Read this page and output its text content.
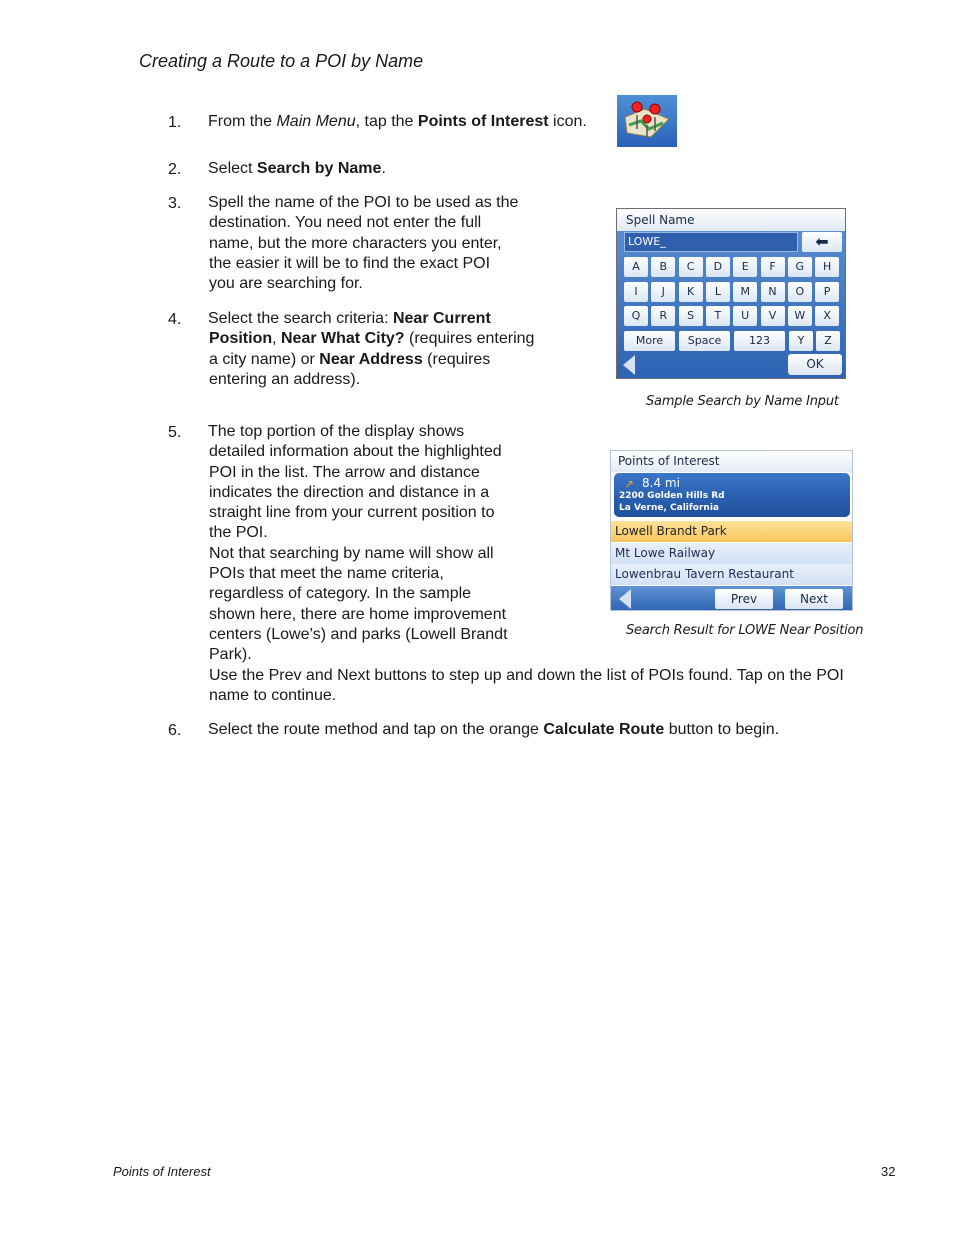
Creating a Route to a POI by Name
1. From the Main Menu, tap the Points of Interest icon.
2. Select Search by Name.
3. Spell the name of the POI to be used as the
destination. You need not enter the full
name, but the more characters you enter,
the easier it will be to find the exact POI
you are searching for.
Spell Name
LOWE_	⬅
A	B	C	D	E	F	G	H
I	J	K	L	M	N	O	P
Q	R	S	T	U	V	W	X
More	Space	123	Y	Z
OK
Sample Search by Name Input
4. Select the search criteria: Near Current
Position, Near What City? (requires entering
a city name) or Near Address (requires
entering an address).
5. The top portion of the display shows
detailed information about the highlighted
POI in the list. The arrow and distance
indicates the direction and distance in a
straight line from your current position to
the POI.
Not that searching by name will show all
POIs that meet the name criteria,
regardless of category. In the sample
shown here, there are home improvement
centers (Lowe’s) and parks (Lowell Brandt
Park).
Use the Prev and Next buttons to step up and down the list of POIs found. Tap on the POI
name to continue.
Points of Interest
↗ 8.4 mi
2200 Golden Hills Rd
La Verne, California
Lowell Brandt Park
Mt Lowe Railway
Lowenbrau Tavern Restaurant
Prev	Next
Search Result for LOWE Near Position
6. Select the route method and tap on the orange Calculate Route button to begin.
Points of Interest	32
